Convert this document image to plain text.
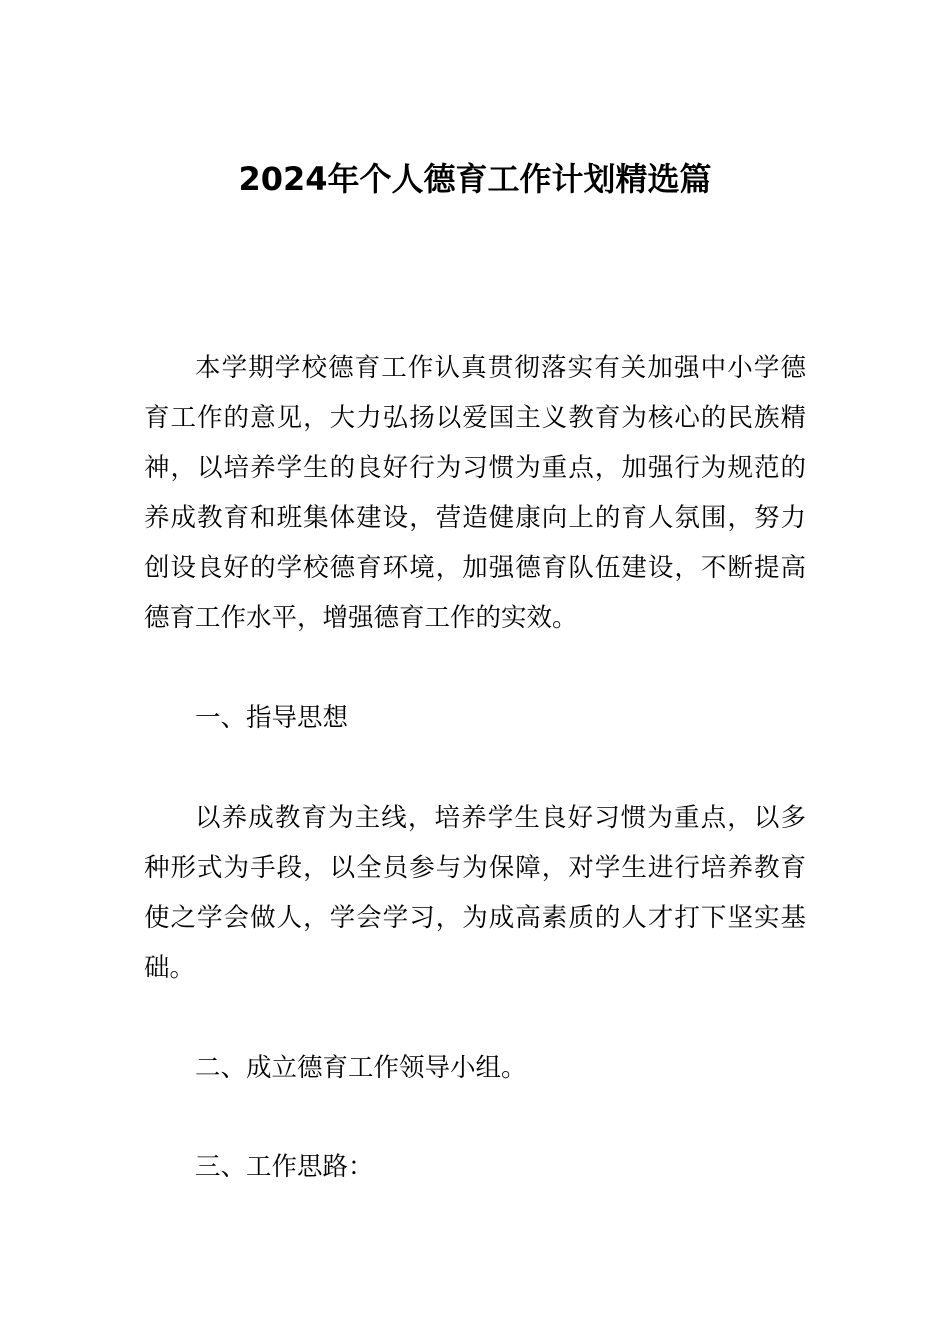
2024年个人德育工作计划精选篇

本学期学校德育工作认真贯彻落实有关加强中小学德育工作的意见，大力弘扬以爱国主义教育为核心的民族精神，以培养学生的良好行为习惯为重点，加强行为规范的养成教育和班集体建设，营造健康向上的育人氛围，努力创设良好的学校德育环境，加强德育队伍建设，不断提高德育工作水平，增强德育工作的实效。

一、指导思想

以养成教育为主线，培养学生良好习惯为重点，以多种形式为手段，以全员参与为保障，对学生进行培养教育使之学会做人，学会学习，为成高素质的人才打下坚实基础。

二、成立德育工作领导小组。

三、工作思路：
